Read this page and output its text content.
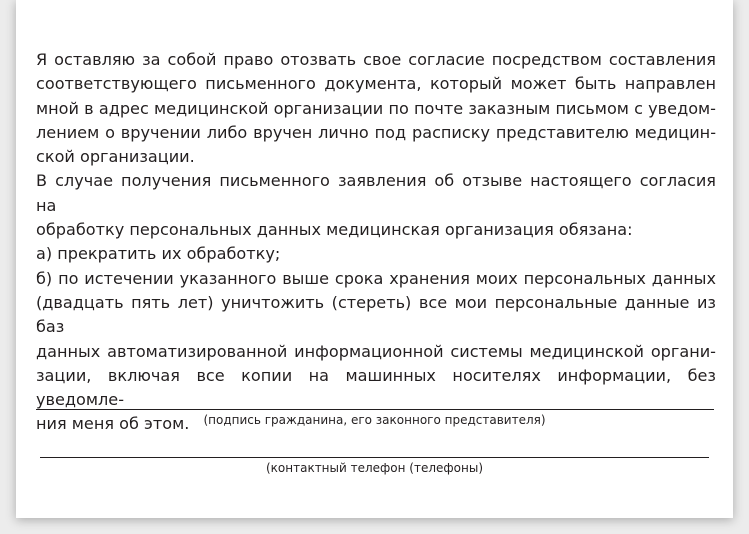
Я оставляю за собой право отозвать свое согласие посредством составления

соответствующего письменного документа, который может быть направлен

мной в адрес медицинской организации по почте заказным письмом с уведом-

лением о вручении либо вручен лично под расписку представителю медицин-

ской организации.

В случае получения письменного заявления об отзыве настоящего согласия на

обработку персональных данных медицинская организация обязана:

а) прекратить их обработку;

б) по истечении указанного выше срока хранения моих персональных данных

(двадцать пять лет) уничтожить (стереть) все мои персональные данные из баз

данных автоматизированной информационной системы медицинской органи-

зации, включая все копии на машинных носителях информации, без уведомле-

ния меня об этом.	(подпись гражданина, его законного представителя)
(контактный телефон (телефоны)
